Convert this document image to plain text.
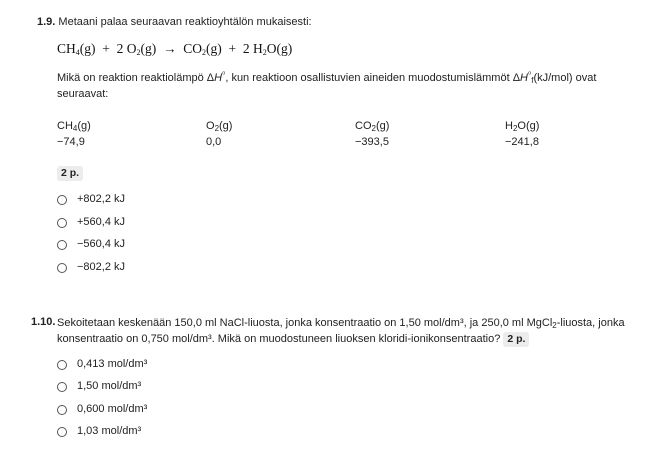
1.9. Metaani palaa seuraavan reaktioyhtälön mukaisesti:
$CH_4(g) + 2$ $O_2(g) \to CO_2(g) + 2$ $H_2O(g)$
Mikä on reaktion reaktiolämpö $\Delta H^{^0}$, kun reaktioon osallistuvien aineiden muodostumislämmöt $\Delta H^{^0}_f(kJ/mol)$ ovat
seuraavat:
$CH_4(g)$
−74,9
$O_2(g)$
0,0
$CO_2(g)$
−393,5
$H_2O(g)$
−241,8
2 p.
+802,2 kJ
+560,4 kJ
−560,4 kJ
−802,2 kJ
1.10. Sekoitetaan keskenään 150,0 ml NaCl-liuosta, jonka konsentraatio on 1,50 mol/dm³, ja 250,0 ml MgCl$_2$-liuosta, jonka
konsentraatio on 0,750 mol/dm³. Mikä on muodostuneen liuoksen kloridi-ionikonsentraatio? 2 p.
0,413 mol/dm³
1,50 mol/dm³
0,600 mol/dm³
1,03 mol/dm³
